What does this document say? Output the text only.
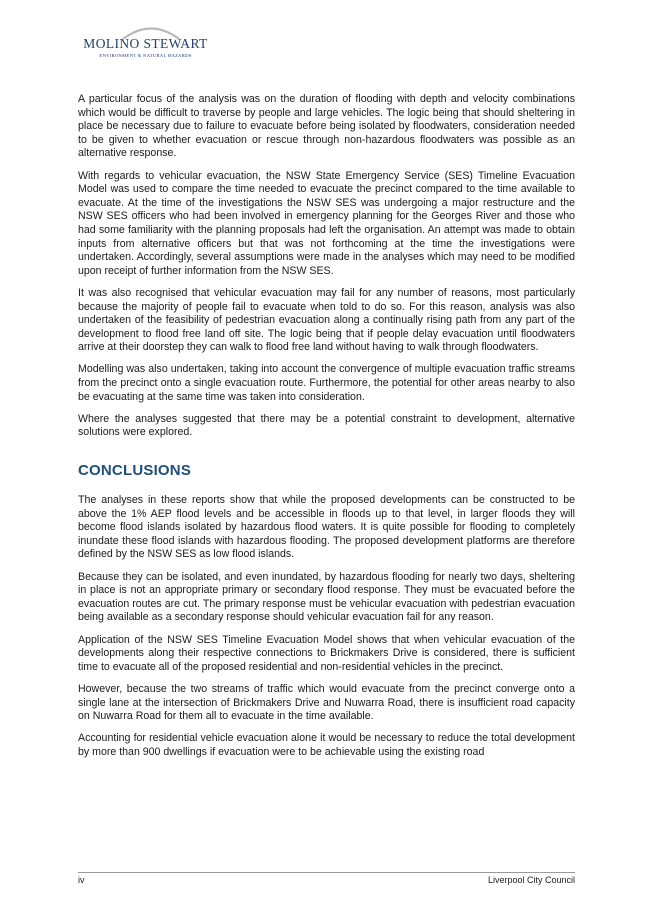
MOLINO STEWART
ENVIRONMENT & NATURAL HAZARDS

A particular focus of the analysis was on the duration of flooding with depth and velocity combinations which would be difficult to traverse by people and large vehicles. The logic being that should sheltering in place be necessary due to failure to evacuate before being isolated by floodwaters, consideration needed to be given to whether evacuation or rescue through non-hazardous floodwaters was possible as an alternative response.

With regards to vehicular evacuation, the NSW State Emergency Service (SES) Timeline Evacuation Model was used to compare the time needed to evacuate the precinct compared to the time available to evacuate. At the time of the investigations the NSW SES was undergoing a major restructure and the NSW SES officers who had been involved in emergency planning for the Georges River and those who had some familiarity with the planning proposals had left the organisation. An attempt was made to obtain inputs from alternative officers but that was not forthcoming at the time the investigations were undertaken. Accordingly, several assumptions were made in the analyses which may need to be modified upon receipt of further information from the NSW SES.

It was also recognised that vehicular evacuation may fail for any number of reasons, most particularly because the majority of people fail to evacuate when told to do so. For this reason, analysis was also undertaken of the feasibility of pedestrian evacuation along a continually rising path from any part of the development to flood free land off site. The logic being that if people delay evacuation until floodwaters arrive at their doorstep they can walk to flood free land without having to walk through floodwaters.

Modelling was also undertaken, taking into account the convergence of multiple evacuation traffic streams from the precinct onto a single evacuation route. Furthermore, the potential for other areas nearby to also be evacuating at the same time was taken into consideration.

Where the analyses suggested that there may be a potential constraint to development, alternative solutions were explored.

CONCLUSIONS

The analyses in these reports show that while the proposed developments can be constructed to be above the 1% AEP flood levels and be accessible in floods up to that level, in larger floods they will become flood islands isolated by hazardous flood waters. It is quite possible for flooding to completely inundate these flood islands with hazardous flooding. The proposed development platforms are therefore defined by the NSW SES as low flood islands.

Because they can be isolated, and even inundated, by hazardous flooding for nearly two days, sheltering in place is not an appropriate primary or secondary flood response. They must be evacuated before the evacuation routes are cut. The primary response must be vehicular evacuation with pedestrian evacuation being available as a secondary response should vehicular evacuation fail for any reason.

Application of the NSW SES Timeline Evacuation Model shows that when vehicular evacuation of the developments along their respective connections to Brickmakers Drive is considered, there is sufficient time to evacuate all of the proposed residential and non-residential vehicles in the precinct.

However, because the two streams of traffic which would evacuate from the precinct converge onto a single lane at the intersection of Brickmakers Drive and Nuwarra Road, there is insufficient road capacity on Nuwarra Road for them all to evacuate in the time available.

Accounting for residential vehicle evacuation alone it would be necessary to reduce the total development by more than 900 dwellings if evacuation were to be achievable using the existing road

iv	Liverpool City Council
